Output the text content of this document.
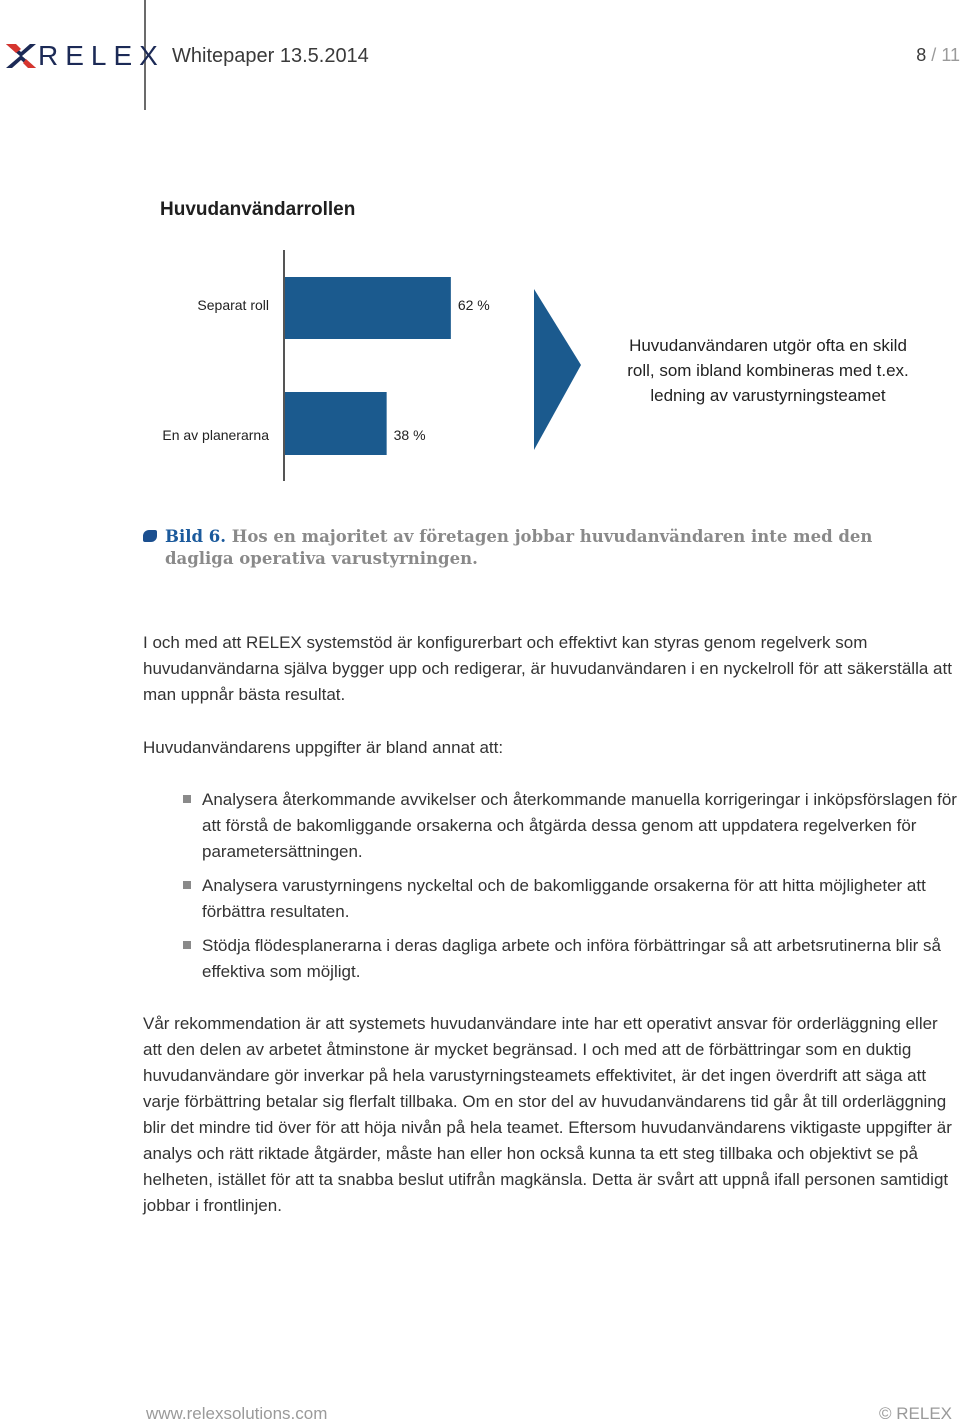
RELEX Whitepaper 13.5.2014	8 / 11
Huvudanvändarrollen
Separat roll	62 %
En av planerarna	38 %
Huvudanvändaren utgör ofta en skild
roll, som ibland kombineras med t.ex.
ledning av varustyrningsteamet
Bild 6. Hos en majoritet av företagen jobbar huvudanvändaren inte med den dagliga operativa varustyrningen.
I och med att RELEX systemstöd är konfigurerbart och effektivt kan styras genom regelverk som huvudanvändarna själva bygger upp och redigerar, är huvudanvändaren i en nyckelroll för att säkerställa att man uppnår bästa resultat.
Huvudanvändarens uppgifter är bland annat att:
Analysera återkommande avvikelser och återkommande manuella korrigeringar i inköpsförslagen för att förstå de bakomliggande orsakerna och åtgärda dessa genom att uppdatera regelverken för parametersättningen.
Analysera varustyrningens nyckeltal och de bakomliggande orsakerna för att hitta möjligheter att förbättra resultaten.
Stödja flödesplanerarna i deras dagliga arbete och införa förbättringar så att arbetsrutinerna blir så effektiva som möjligt.
Vår rekommendation är att systemets huvudanvändare inte har ett operativt ansvar för orderläggning eller att den delen av arbetet åtminstone är mycket begränsad. I och med att de förbättringar som en duktig huvudanvändare gör inverkar på hela varustyrningsteamets effektivitet, är det ingen överdrift att säga att varje förbättring betalar sig flerfalt tillbaka. Om en stor del av huvudanvändarens tid går åt till orderläggning blir det mindre tid över för att höja nivån på hela teamet. Eftersom huvudanvändarens viktigaste uppgifter är analys och rätt riktade åtgärder, måste han eller hon också kunna ta ett steg tillbaka och objektivt se på helheten, istället för att ta snabba beslut utifrån magkänsla. Detta är svårt att uppnå ifall personen samtidigt jobbar i frontlinjen.
www.relexsolutions.com	© RELEX
